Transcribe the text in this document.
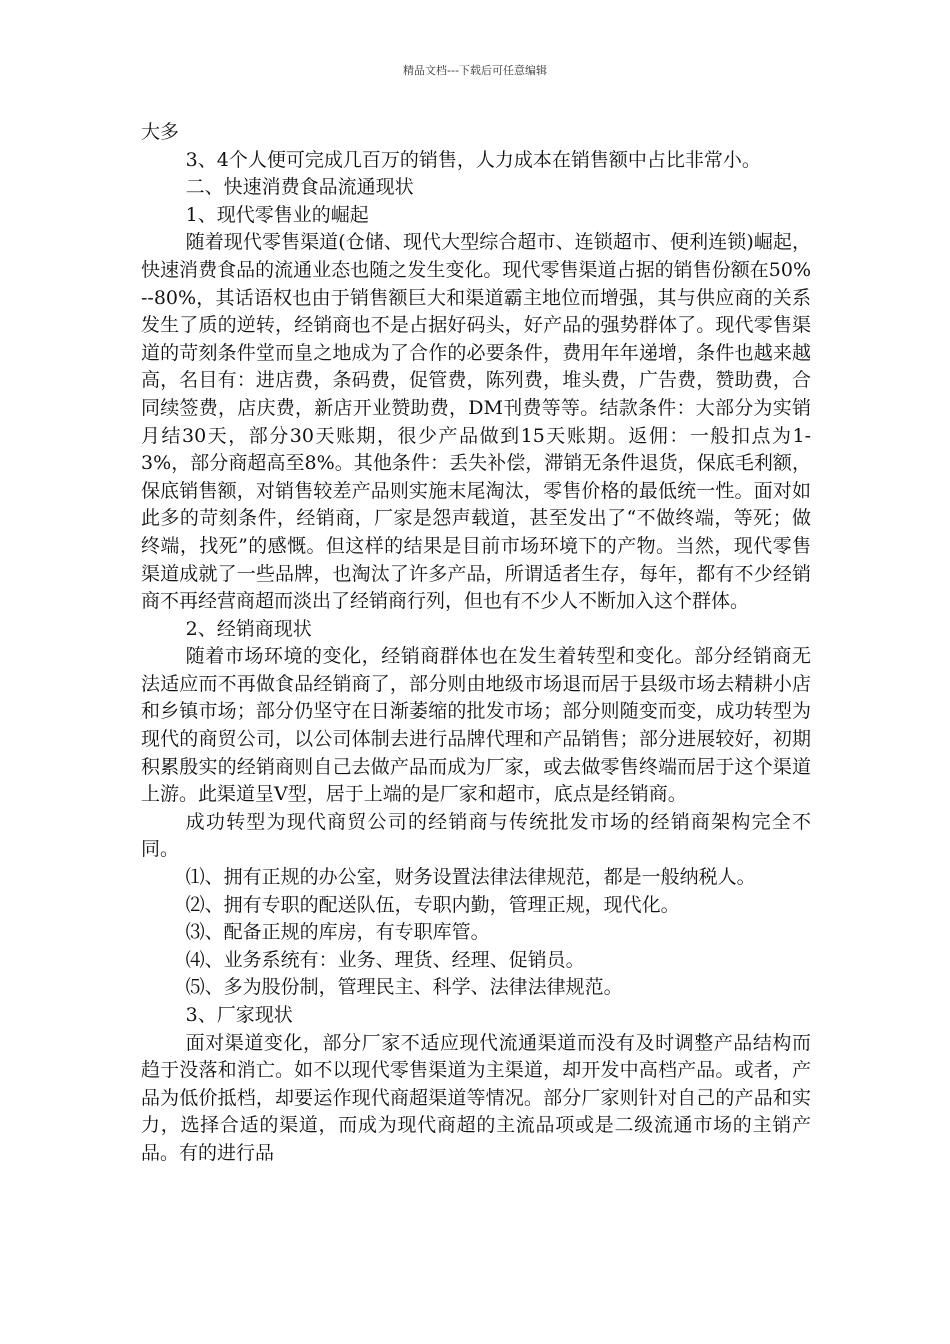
精品文档---下载后可任意编辑

大多

3、4个人便可完成几百万的销售，人力成本在销售额中占比非常小。

二、快速消费食品流通现状

1、现代零售业的崛起

随着现代零售渠道(仓储、现代大型综合超市、连锁超市、便利连锁)崛起，快速消费食品的流通业态也随之发生变化。现代零售渠道占据的销售份额在50%--80%，其话语权也由于销售额巨大和渠道霸主地位而增强，其与供应商的关系发生了质的逆转，经销商也不是占据好码头，好产品的强势群体了。现代零售渠道的苛刻条件堂而皇之地成为了合作的必要条件，费用年年递增，条件也越来越高，名目有：进店费，条码费，促管费，陈列费，堆头费，广告费，赞助费，合同续签费，店庆费，新店开业赞助费，DM刊费等等。结款条件：大部分为实销月结30天，部分30天账期，很少产品做到15天账期。返佣：一般扣点为1-3%，部分商超高至8%。其他条件：丢失补偿，滞销无条件退货，保底毛利额，保底销售额，对销售较差产品则实施末尾淘汰，零售价格的最低统一性。面对如此多的苛刻条件，经销商，厂家是怨声载道，甚至发出了“不做终端，等死；做终端，找死”的感慨。但这样的结果是目前市场环境下的产物。当然，现代零售渠道成就了一些品牌，也淘汰了许多产品，所谓适者生存，每年，都有不少经销商不再经营商超而淡出了经销商行列，但也有不少人不断加入这个群体。

2、经销商现状

随着市场环境的变化，经销商群体也在发生着转型和变化。部分经销商无法适应而不再做食品经销商了，部分则由地级市场退而居于县级市场去精耕小店和乡镇市场；部分仍坚守在日渐萎缩的批发市场；部分则随变而变，成功转型为现代的商贸公司，以公司体制去进行品牌代理和产品销售；部分进展较好，初期积累殷实的经销商则自己去做产品而成为厂家，或去做零售终端而居于这个渠道上游。此渠道呈V型，居于上端的是厂家和超市，底点是经销商。

成功转型为现代商贸公司的经销商与传统批发市场的经销商架构完全不同。

⑴、拥有正规的办公室，财务设置法律法律规范，都是一般纳税人。

⑵、拥有专职的配送队伍，专职内勤，管理正规，现代化。

⑶、配备正规的库房，有专职库管。

⑷、业务系统有：业务、理货、经理、促销员。

⑸、多为股份制，管理民主、科学、法律法律规范。

3、厂家现状

面对渠道变化，部分厂家不适应现代流通渠道而没有及时调整产品结构而趋于没落和消亡。如不以现代零售渠道为主渠道，却开发中高档产品。或者，产品为低价抵档，却要运作现代商超渠道等情况。部分厂家则针对自己的产品和实力，选择合适的渠道，而成为现代商超的主流品项或是二级流通市场的主销产品。有的进行品
